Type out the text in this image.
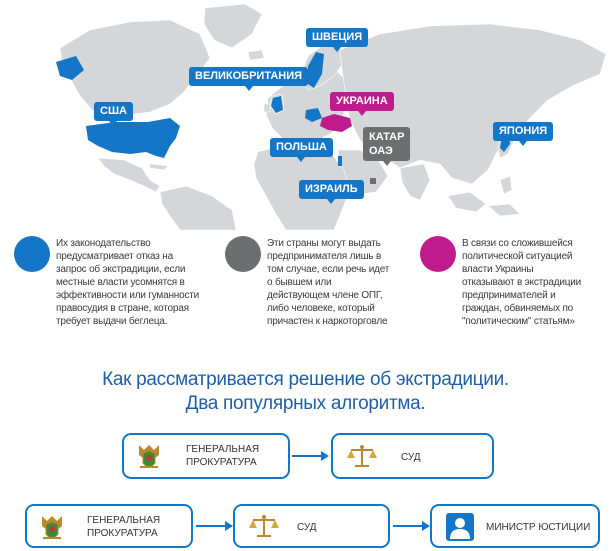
США
ВЕЛИКОБРИТАНИЯ
ШВЕЦИЯ
УКРАИНА
ПОЛЬША
КАТАР
ОАЭ
ИЗРАИЛЬ
ЯПОНИЯ
Их законодательство
предусматривает отказ на
запрос об экстрадиции, если
местные власти усомнятся в
эффективности или гуманности
правосудия в стране, которая
требует выдачи беглеца.
Эти страны могут выдать
предпринимателя лишь в
том случае, если речь идет
о бывшем или
действующем члене ОПГ,
либо человеке, который
причастен к наркоторговле
В связи со сложившейся
политической ситуацией
власти Украины
отказывают в экстрадиции
предпринимателей и
граждан, обвиняемых по
"политическим" статьям»
Как рассматривается решение об экстрадиции.
Два популярных алгоритма.
ГЕНЕРАЛЬНАЯ
ПРОКУРАТУРА	СУД
ГЕНЕРАЛЬНАЯ
ПРОКУРАТУРА
СУД	МИНИСТР ЮСТИЦИИ
